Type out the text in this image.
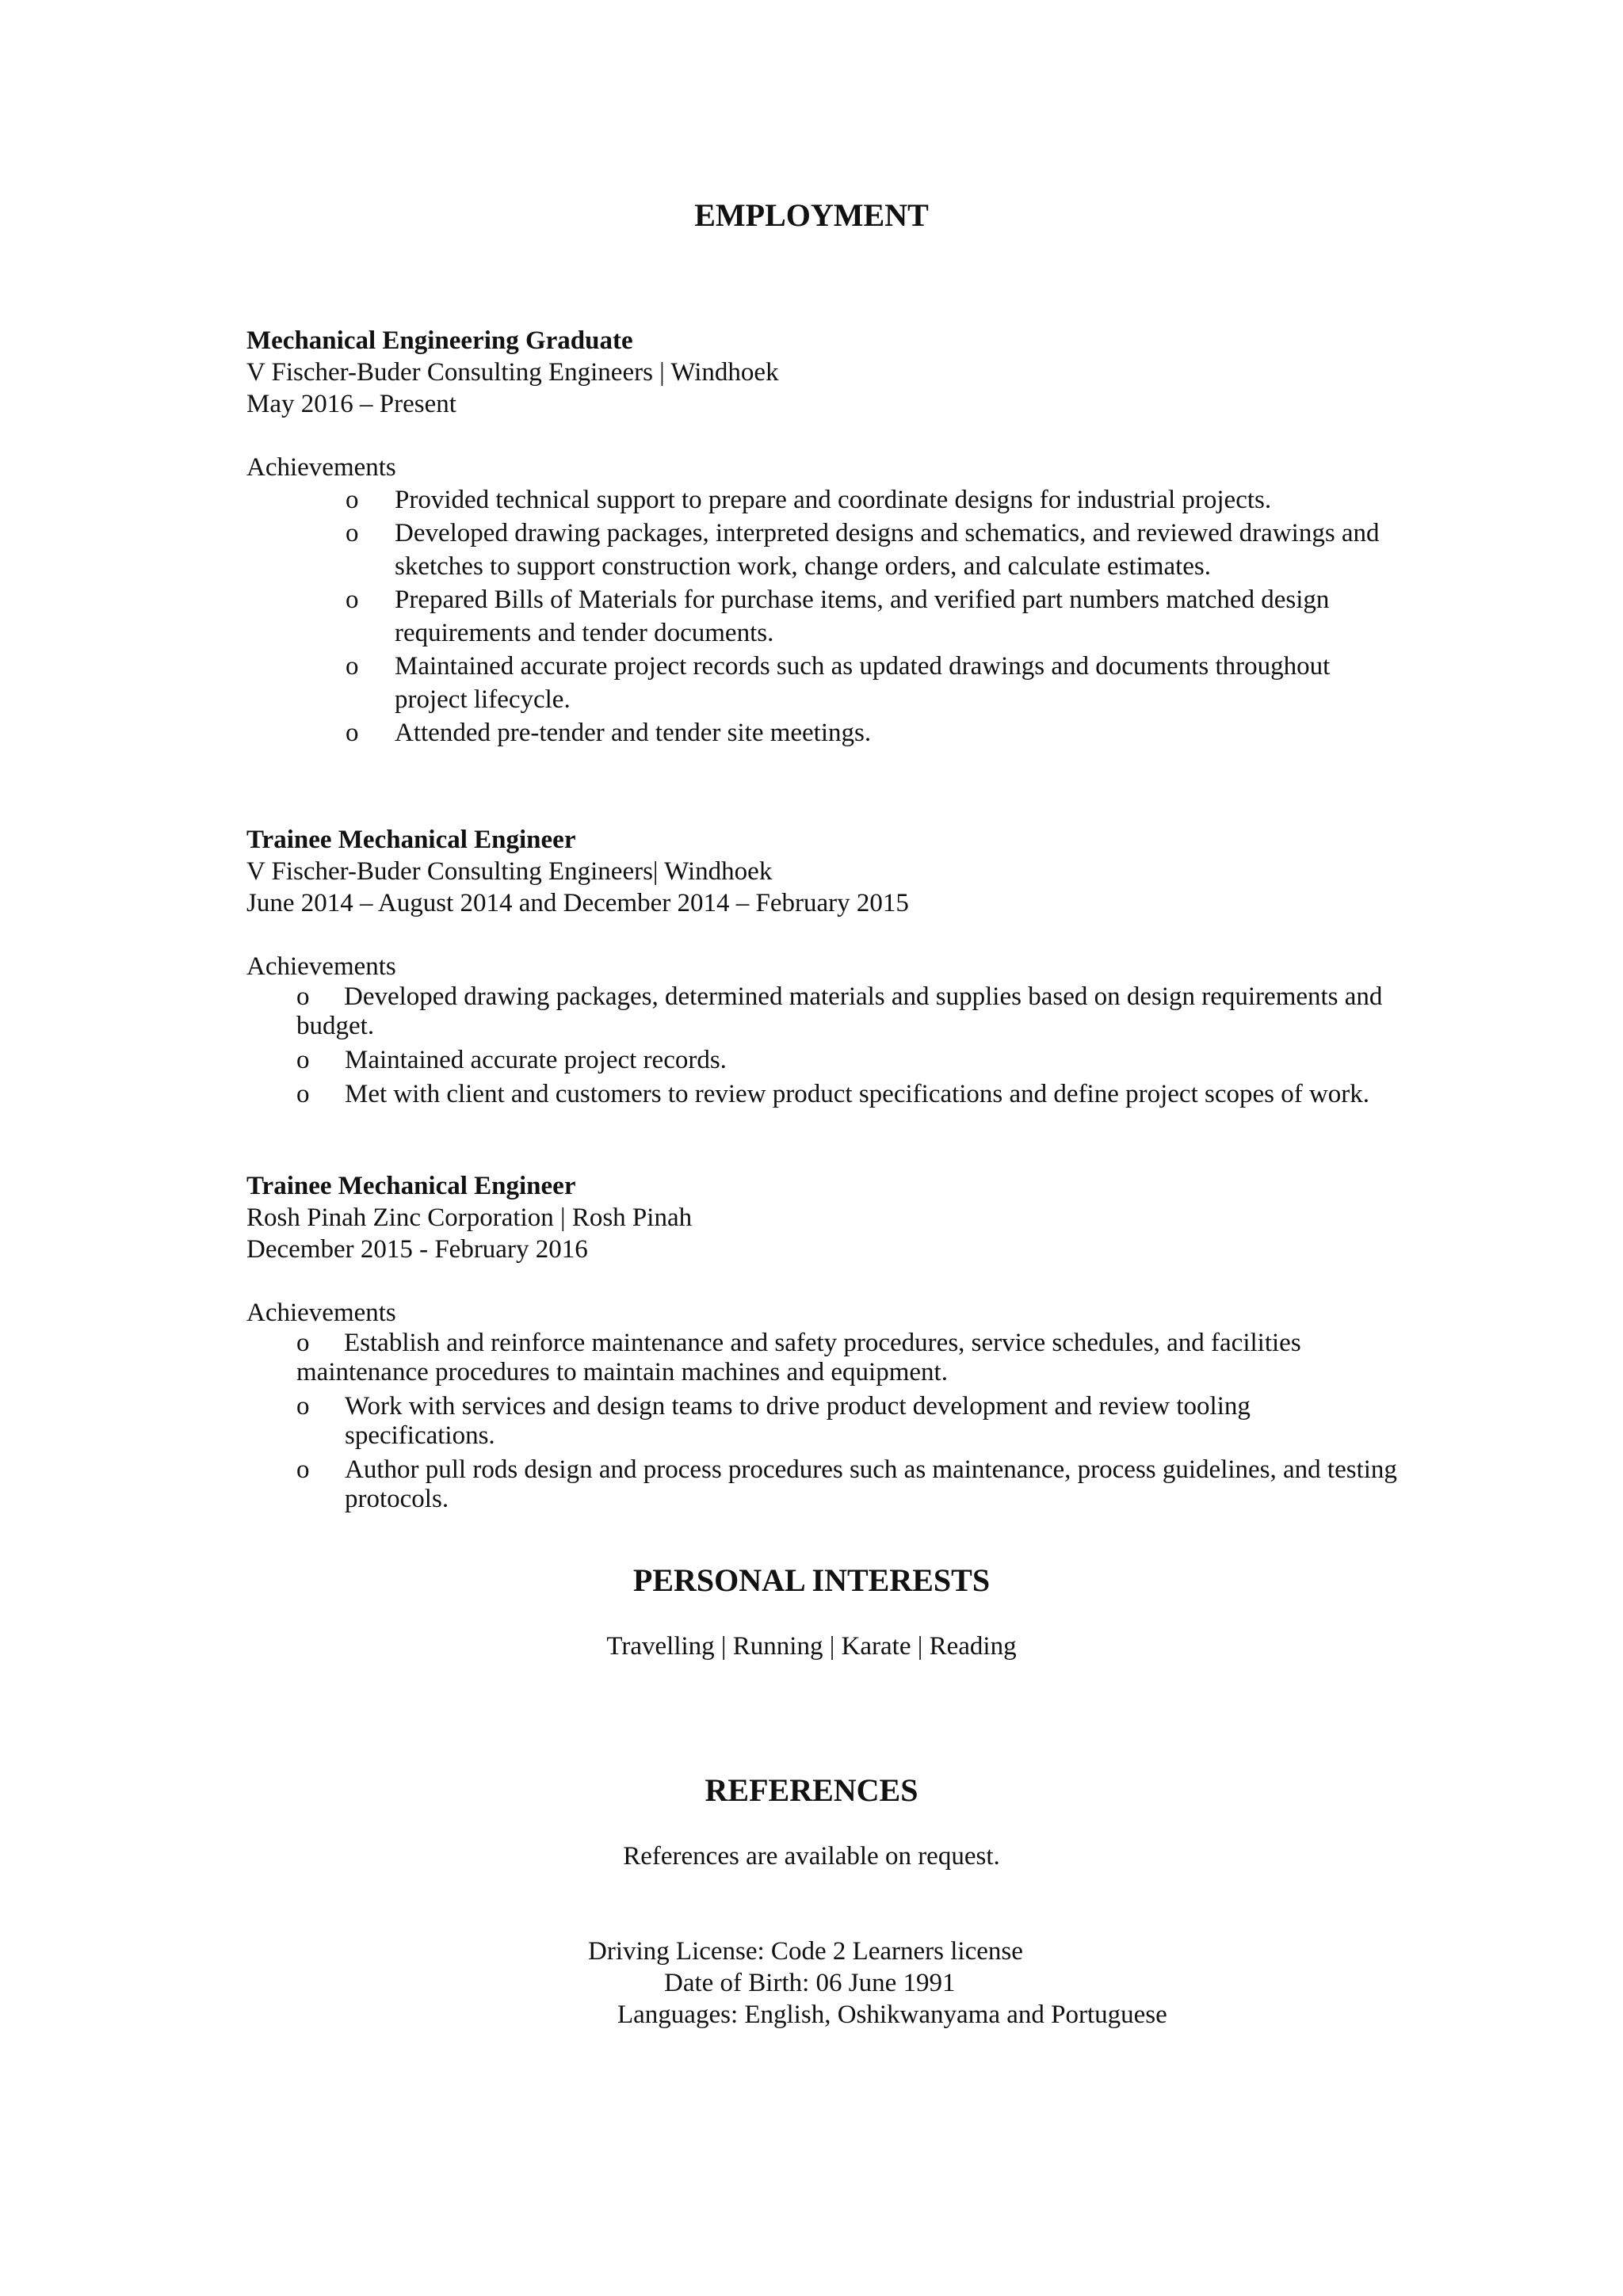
EMPLOYMENT
Mechanical Engineering Graduate
V Fischer-Buder Consulting Engineers | Windhoek
May 2016 – Present
Achievements
o Provided technical support to prepare and coordinate designs for industrial projects.
o Developed drawing packages, interpreted designs and schematics, and reviewed drawings and sketches to support construction work, change orders, and calculate estimates.
o Prepared Bills of Materials for purchase items, and verified part numbers matched design requirements and tender documents.
o Maintained accurate project records such as updated drawings and documents throughout project lifecycle.
o Attended pre-tender and tender site meetings.
Trainee Mechanical Engineer
V Fischer-Buder Consulting Engineers| Windhoek
June 2014 – August 2014 and December 2014 – February 2015
Achievements
o Developed drawing packages, determined materials and supplies based on design requirements and budget.
o Maintained accurate project records.
o Met with client and customers to review product specifications and define project scopes of work.
Trainee Mechanical Engineer
Rosh Pinah Zinc Corporation | Rosh Pinah
December 2015 - February 2016
Achievements
o Establish and reinforce maintenance and safety procedures, service schedules, and facilities maintenance procedures to maintain machines and equipment.
o Work with services and design teams to drive product development and review tooling specifications.
o Author pull rods design and process procedures such as maintenance, process guidelines, and testing protocols.
PERSONAL INTERESTS
Travelling | Running | Karate | Reading
REFERENCES
References are available on request.
Driving License: Code 2 Learners license
Date of Birth: 06 June 1991
Languages: English, Oshikwanyama and Portuguese
